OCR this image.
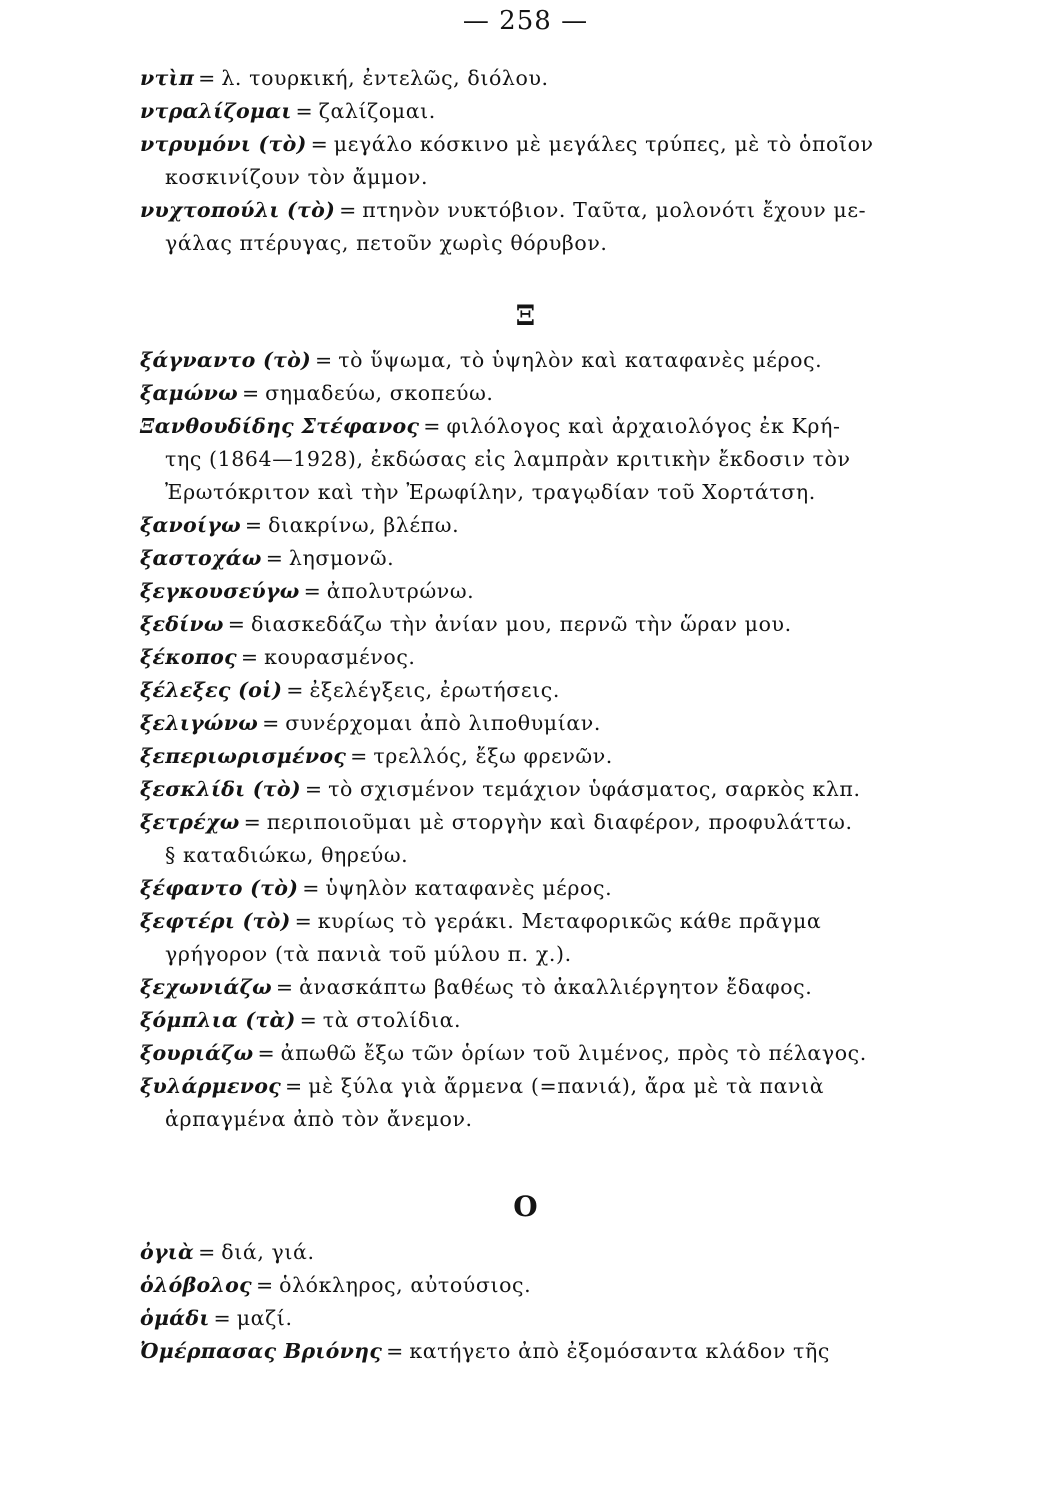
— 258 —
ντὶπ = λ. τουρκική, ἐντελῶς, διόλου.
ντραλίζομαι = ζαλίζομαι.
ντρυμόνι (τὸ) = μεγάλο κόσκινο μὲ μεγάλες τρύπες, μὲ τὸ ὁποῖον
κοσκινίζουν τὸν ἄμμον.
νυχτοπούλι (τὸ) = πτηνὸν νυκτόβιον. Ταῦτα, μολονότι ἔχουν με-
γάλας πτέρυγας, πετοῦν χωρὶς θόρυβον.
Ξ
ξάγναντο (τὸ) = τὸ ὕψωμα, τὸ ὑψηλὸν καὶ καταφανὲς μέρος.
ξαμώνω = σημαδεύω, σκοπεύω.
Ξανθουδίδης Στέφανος = φιλόλογος καὶ ἀρχαιολόγος ἐκ Κρή-
της (1864—1928), ἐκδώσας εἰς λαμπρὰν κριτικὴν ἔκδοσιν τὸν
Ἐρωτόκριτον καὶ τὴν Ἐρωφίλην, τραγῳδίαν τοῦ Χορτάτση.
ξανοίγω = διακρίνω, βλέπω.
ξαστοχάω = λησμονῶ.
ξεγκουσεύγω = ἀπολυτρώνω.
ξεδίνω = διασκεδάζω τὴν ἀνίαν μου, περνῶ τὴν ὥραν μου.
ξέκοπος = κουρασμένος.
ξέλεξες (οἱ) = ἐξελέγξεις, ἐρωτήσεις.
ξελιγώνω = συνέρχομαι ἀπὸ λιποθυμίαν.
ξεπεριωρισμένος = τρελλός, ἔξω φρενῶν.
ξεσκλίδι (τὸ) = τὸ σχισμένον τεμάχιον ὑφάσματος, σαρκὸς κλπ.
ξετρέχω = περιποιοῦμαι μὲ στοργὴν καὶ διαφέρον, προφυλάττω.
§ καταδιώκω, θηρεύω.
ξέφαντο (τὸ) = ὑψηλὸν καταφανὲς μέρος.
ξεφτέρι (τὸ) = κυρίως τὸ γεράκι. Μεταφορικῶς κάθε πρᾶγμα
γρήγορον (τὰ πανιὰ τοῦ μύλου π. χ.).
ξεχωνιάζω = ἀνασκάπτω βαθέως τὸ ἀκαλλιέργητον ἔδαφος.
ξόμπλια (τὰ) = τὰ στολίδια.
ξουριάζω = ἀπωθῶ ἔξω τῶν ὁρίων τοῦ λιμένος, πρὸς τὸ πέλαγος.
ξυλάρμενος = μὲ ξύλα γιὰ ἄρμενα (=πανιά), ἄρα μὲ τὰ πανιὰ
ἁρπαγμένα ἀπὸ τὸν ἄνεμον.
Ο
ὀγιὰ = διά, γιά.
ὁλόβολος = ὁλόκληρος, αὐτούσιος.
ὁμάδι = μαζί.
Ὀμέρπασας Βριόνης = κατήγετο ἀπὸ ἐξομόσαντα κλάδον τῆς
